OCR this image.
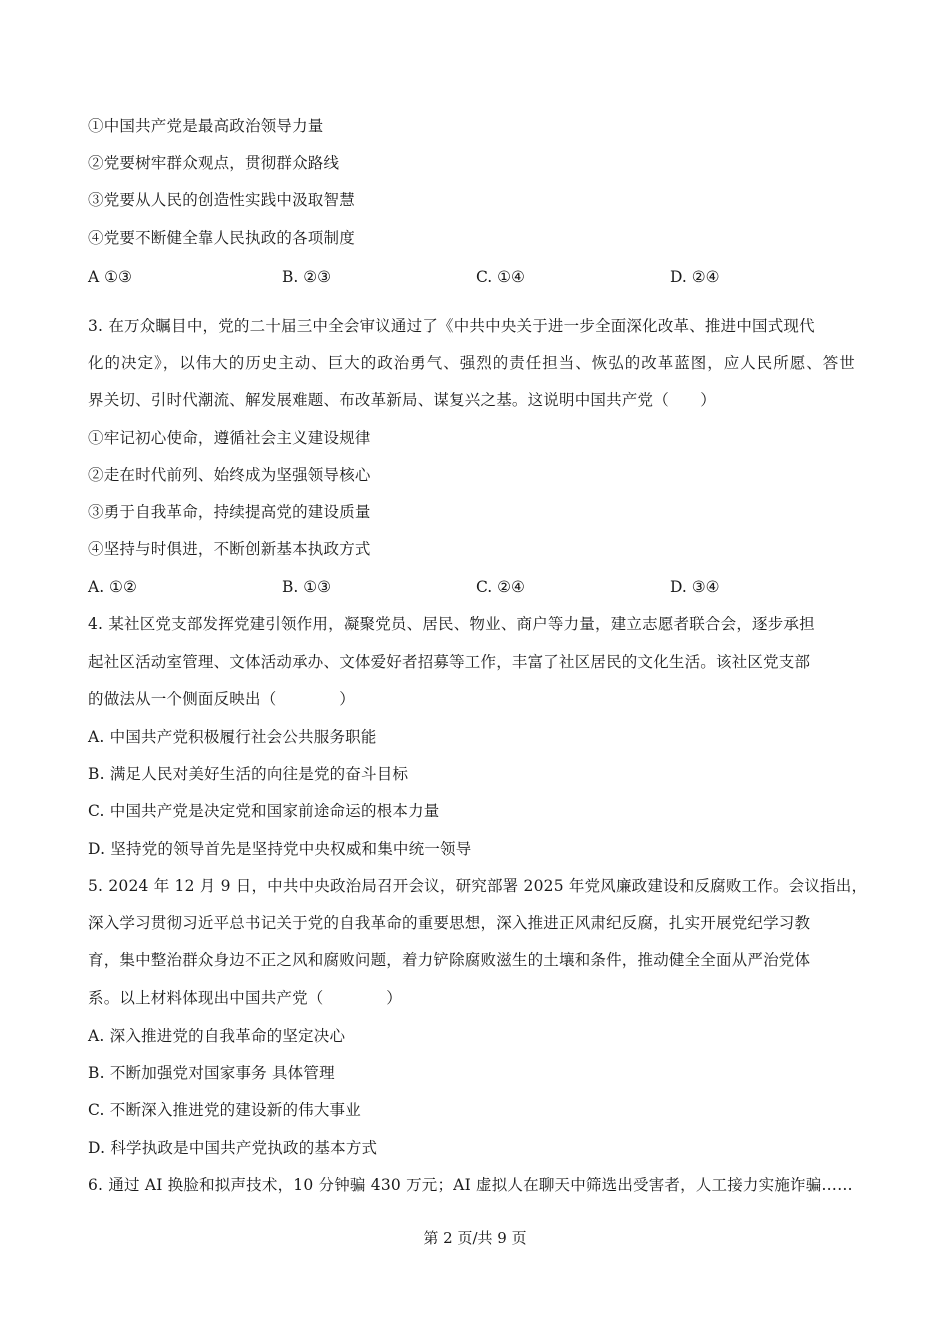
①中国共产党是最高政治领导力量
②党要树牢群众观点，贯彻群众路线
③党要从人民的创造性实践中汲取智慧
④党要不断健全靠人民执政的各项制度
A ①③	B. ②③	C. ①④	D. ②④
3. 在万众瞩目中，党的二十届三中全会审议通过了《中共中央关于进一步全面深化改革、推进中国式现代
化的决定》，以伟大的历史主动、巨大的政治勇气、强烈的责任担当、恢弘的改革蓝图，应人民所愿、答世
界关切、引时代潮流、解发展难题、布改革新局、谋复兴之基。这说明中国共产党（　　）
①牢记初心使命，遵循社会主义建设规律
②走在时代前列、始终成为坚强领导核心
③勇于自我革命，持续提高党的建设质量
④坚持与时俱进，不断创新基本执政方式
A. ①②	B. ①③	C. ②④	D. ③④
4. 某社区党支部发挥党建引领作用，凝聚党员、居民、物业、商户等力量，建立志愿者联合会，逐步承担
起社区活动室管理、文体活动承办、文体爱好者招募等工作，丰富了社区居民的文化生活。该社区党支部
的做法从一个侧面反映出（　　　　）
A. 中国共产党积极履行社会公共服务职能
B. 满足人民对美好生活的向往是党的奋斗目标
C. 中国共产党是决定党和国家前途命运的根本力量
D. 坚持党的领导首先是坚持党中央权威和集中统一领导
5. 2024 年 12 月 9 日，中共中央政治局召开会议，研究部署 2025 年党风廉政建设和反腐败工作。会议指出，
深入学习贯彻习近平总书记关于党的自我革命的重要思想，深入推进正风肃纪反腐，扎实开展党纪学习教
育，集中整治群众身边不正之风和腐败问题，着力铲除腐败滋生的土壤和条件，推动健全全面从严治党体
系。以上材料体现出中国共产党（　　　　）
A. 深入推进党的自我革命的坚定决心
B. 不断加强党对国家事务 具体管理
C. 不断深入推进党的建设新的伟大事业
D. 科学执政是中国共产党执政的基本方式
6. 通过 AI 换脸和拟声技术，10 分钟骗 430 万元；AI 虚拟人在聊天中筛选出受害者，人工接力实施诈骗……
第 2 页/共 9 页
